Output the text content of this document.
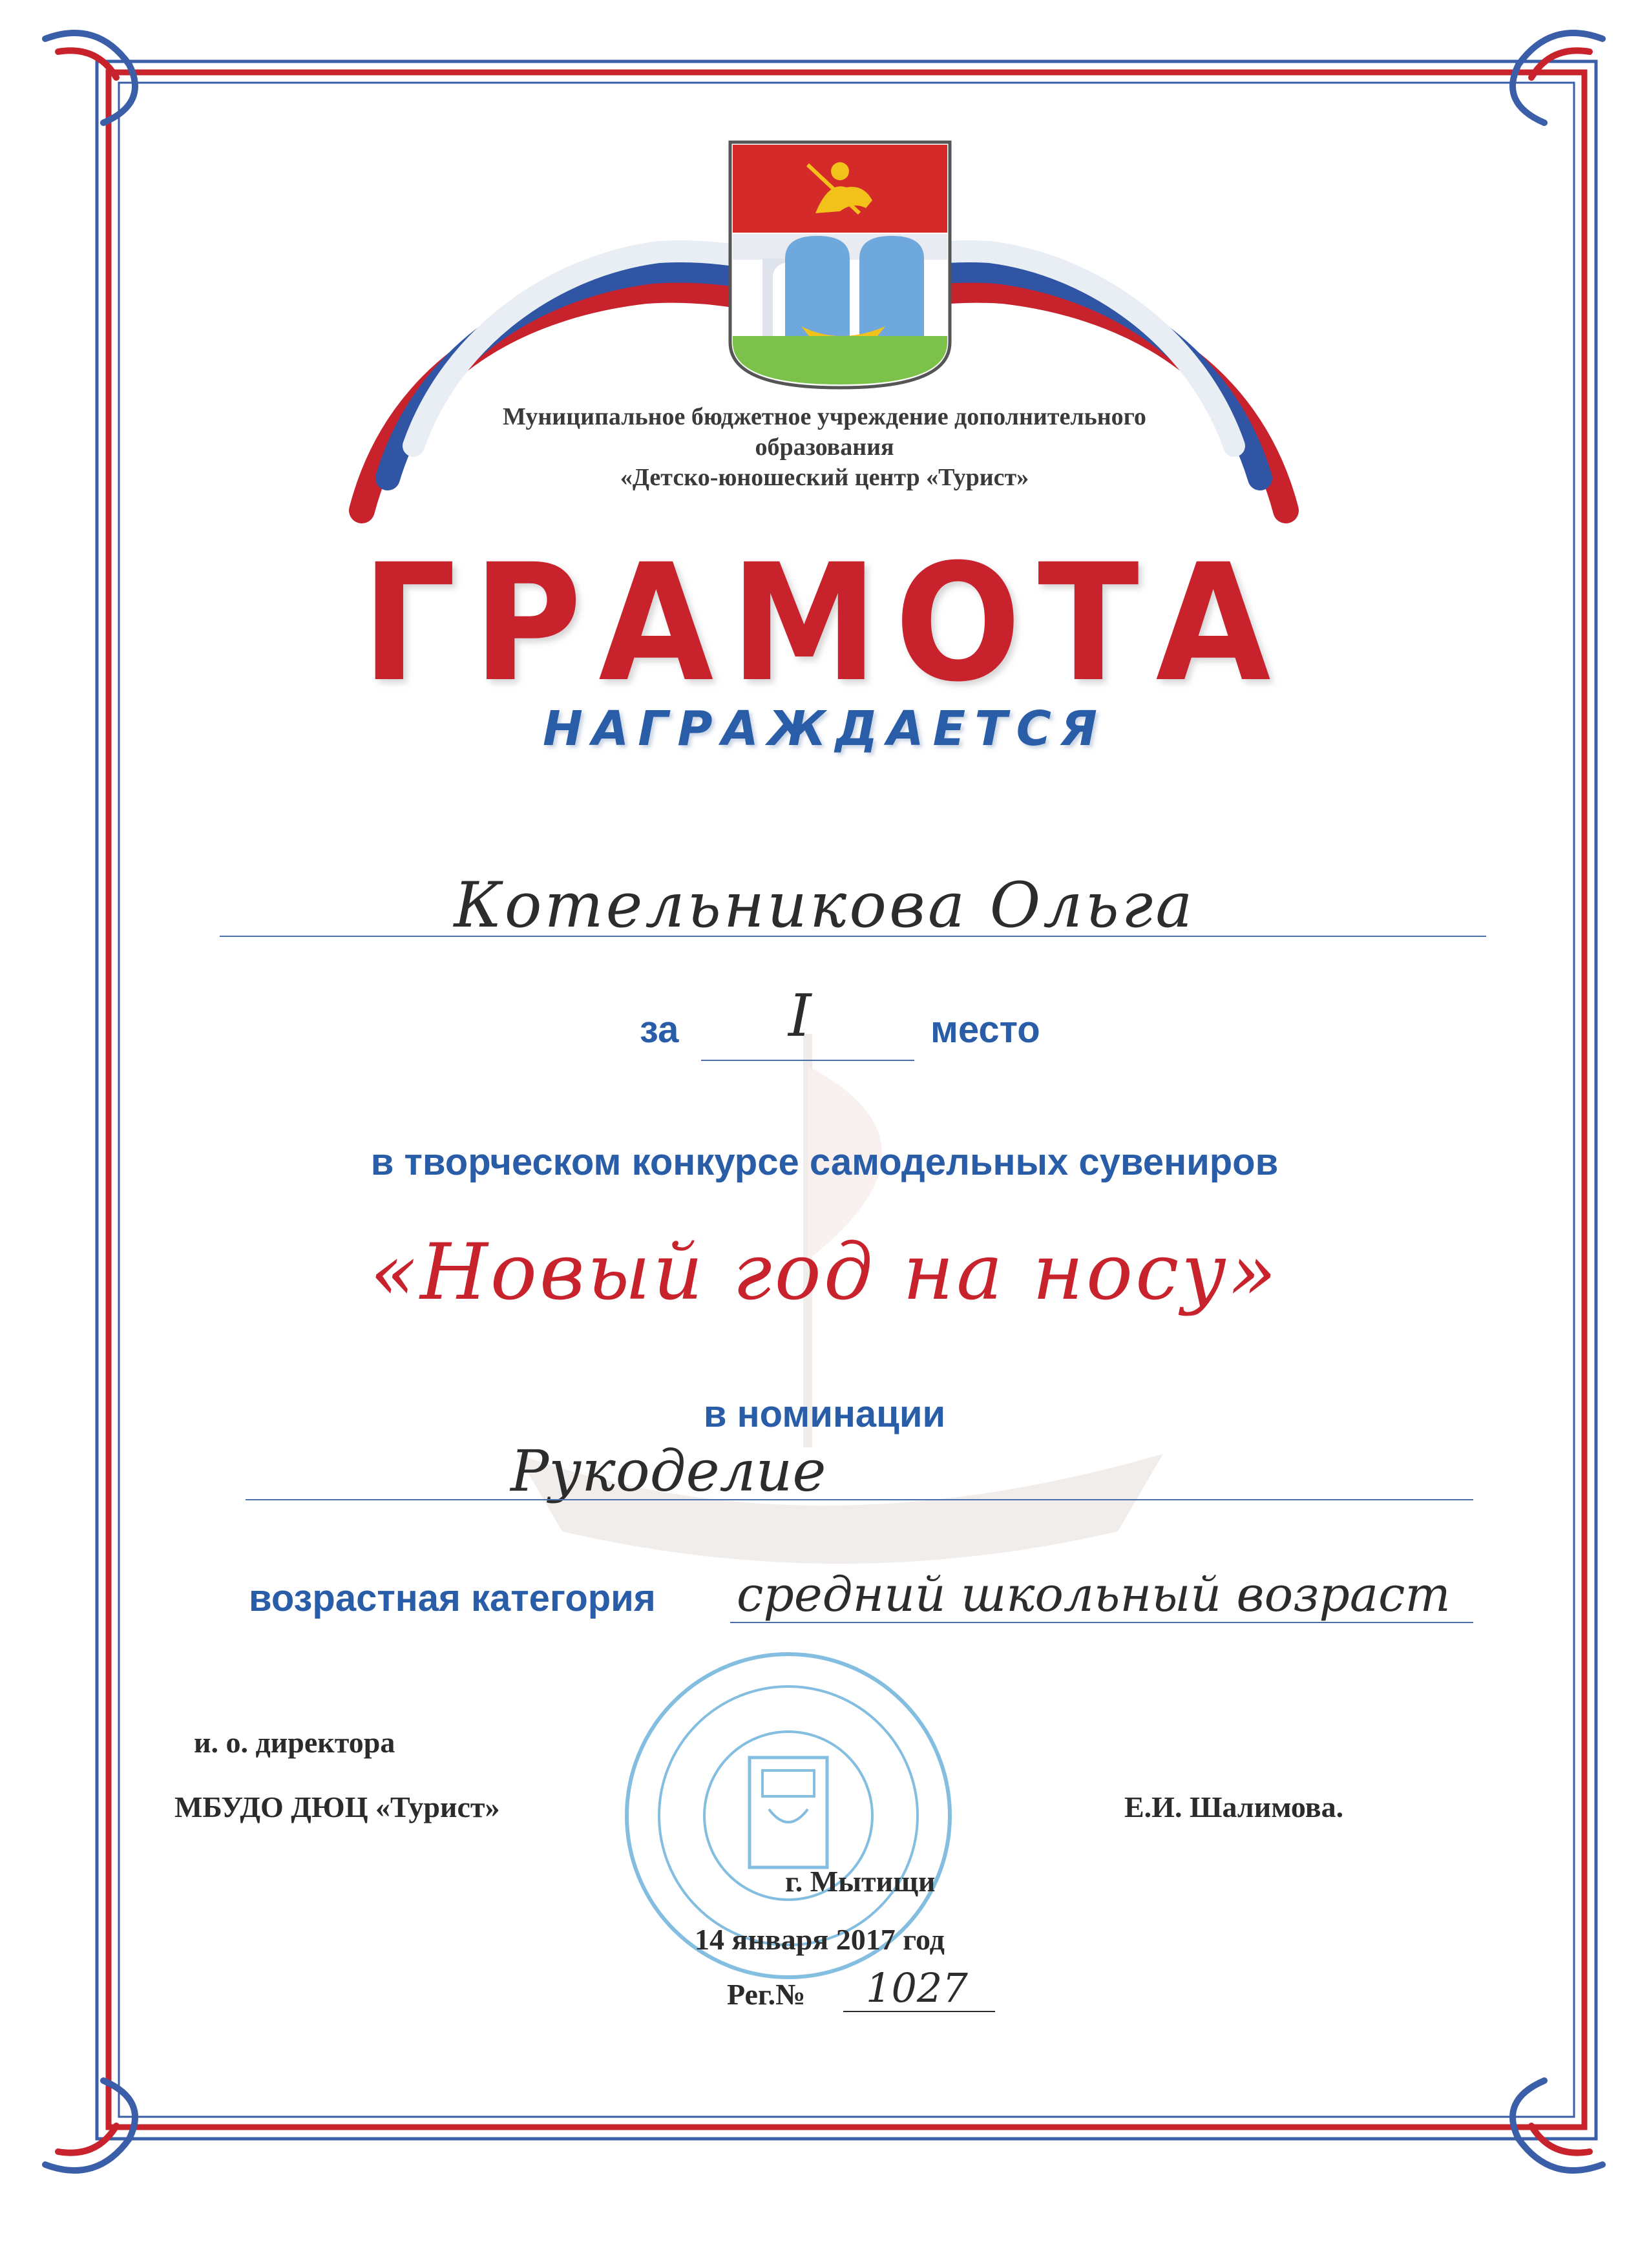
Муниципальное бюджетное учреждение дополнительного
образования
«Детско-юношеский центр «Турист»
ГРАМОТА
НАГРАЖДАЕТСЯ
Котельникова Ольга
за I	место
в творческом конкурсе самодельных сувениров
«Новый год на носу»
в номинации
Рукоделие
возрастная категория средний школьный возраст
и. о. директора
МБУДО ДЮЦ «Турист»	Е.И. Шалимова.
г. Мытищи
14 января 2017 год
Рег.№ 1027
